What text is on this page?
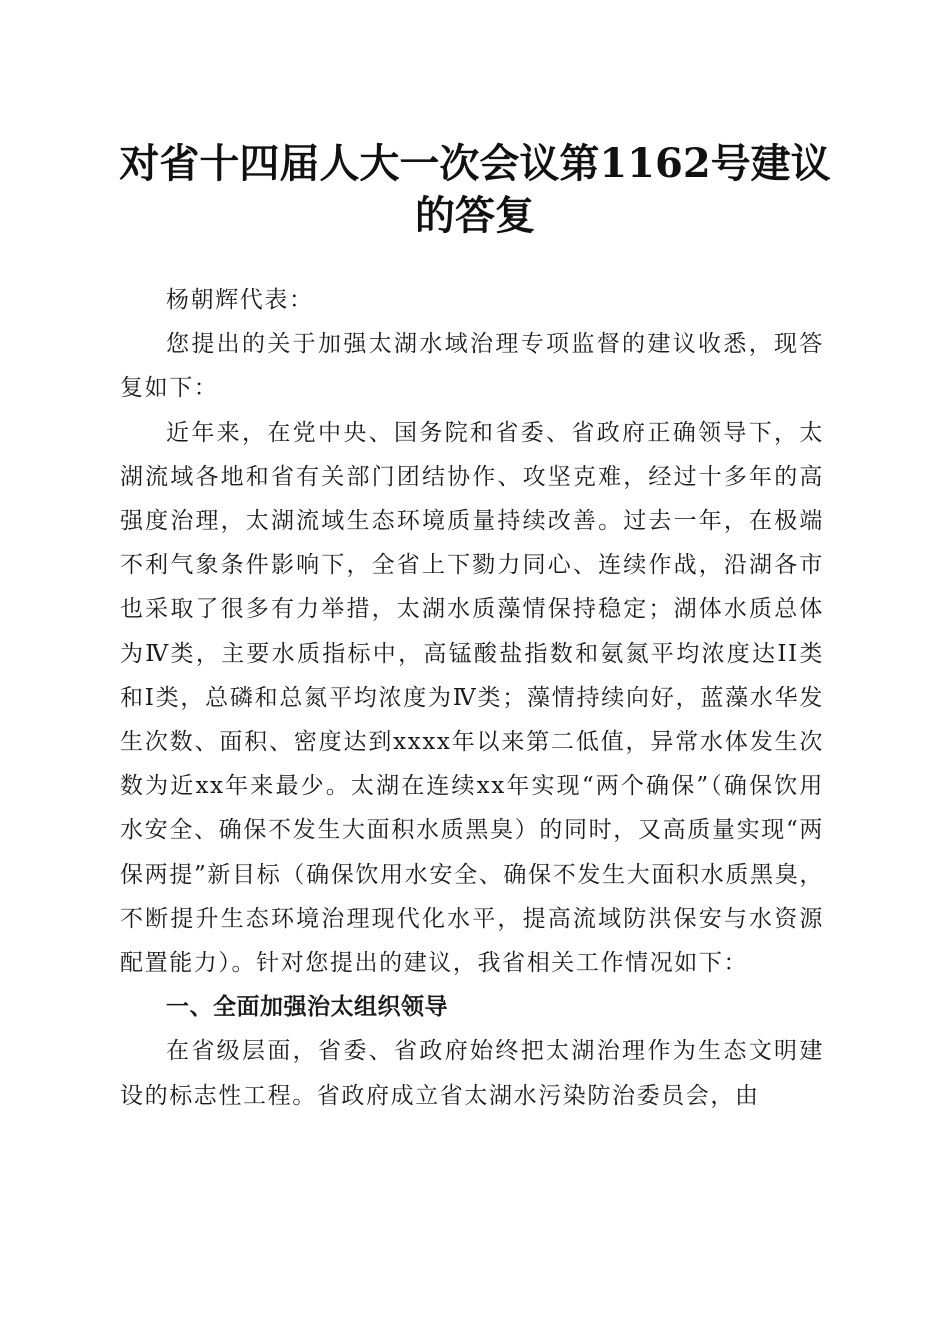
对省十四届人大一次会议第1162号建议的答复

杨朝辉代表：

您提出的关于加强太湖水域治理专项监督的建议收悉，现答复如下：

近年来，在党中央、国务院和省委、省政府正确领导下，太湖流域各地和省有关部门团结协作、攻坚克难，经过十多年的高强度治理，太湖流域生态环境质量持续改善。过去一年，在极端不利气象条件影响下，全省上下勠力同心、连续作战，沿湖各市也采取了很多有力举措，太湖水质藻情保持稳定；湖体水质总体为Ⅳ类，主要水质指标中，高锰酸盐指数和氨氮平均浓度达II类和Ⅰ类，总磷和总氮平均浓度为Ⅳ类；藻情持续向好，蓝藻水华发生次数、面积、密度达到xxxx年以来第二低值，异常水体发生次数为近xx年来最少。太湖在连续xx年实现“两个确保”（确保饮用水安全、确保不发生大面积水质黑臭）的同时，又高质量实现“两保两提”新目标（确保饮用水安全、确保不发生大面积水质黑臭，不断提升生态环境治理现代化水平，提高流域防洪保安与水资源配置能力）。针对您提出的建议，我省相关工作情况如下：

一、全面加强治太组织领导

在省级层面，省委、省政府始终把太湖治理作为生态文明建设的标志性工程。省政府成立省太湖水污染防治委员会，由
